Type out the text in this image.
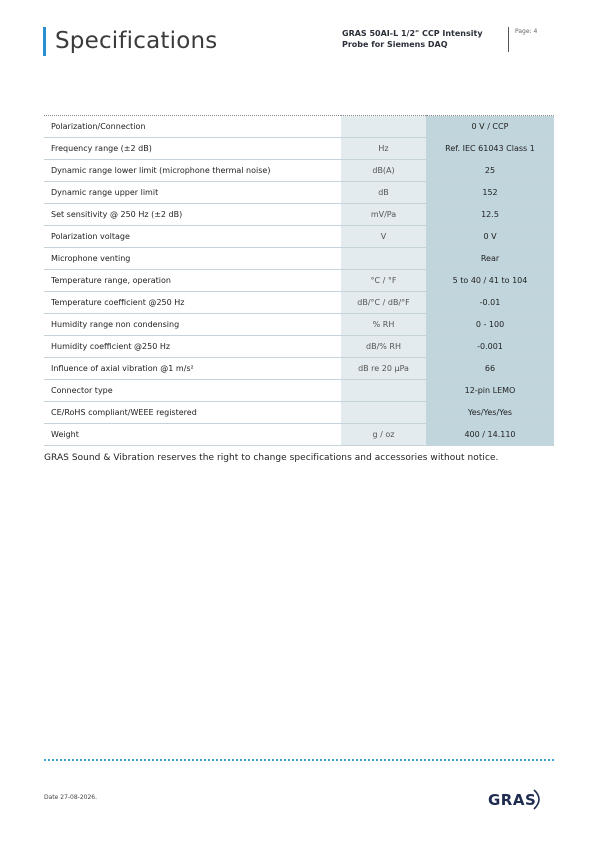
Specifications	GRAS 50AI-L 1/2" CCP Intensity
Probe for Siemens DAQ
Page: 4
Polarization/Connection		0 V / CCP
Frequency range (±2 dB)	Hz	Ref. IEC 61043 Class 1
Dynamic range lower limit (microphone thermal noise)	dB(A)	25
Dynamic range upper limit	dB	152
Set sensitivity @ 250 Hz (±2 dB)	mV/Pa	12.5
Polarization voltage	V	0 V
Microphone venting		Rear
Temperature range, operation	°C / °F	5 to 40 / 41 to 104
Temperature coefficient @250 Hz	dB/°C / dB/°F	-0.01
Humidity range non condensing	% RH	0 - 100
Humidity coefficient @250 Hz	dB/% RH	-0.001
Influence of axial vibration @1 m/s²	dB re 20 µPa	66
Connector type		12-pin LEMO
CE/RoHS compliant/WEEE registered		Yes/Yes/Yes
Weight	g / oz	400 / 14.110
GRAS Sound & Vibration reserves the right to change specifications and accessories without notice.
Date 27-08-2026.	GRAS
